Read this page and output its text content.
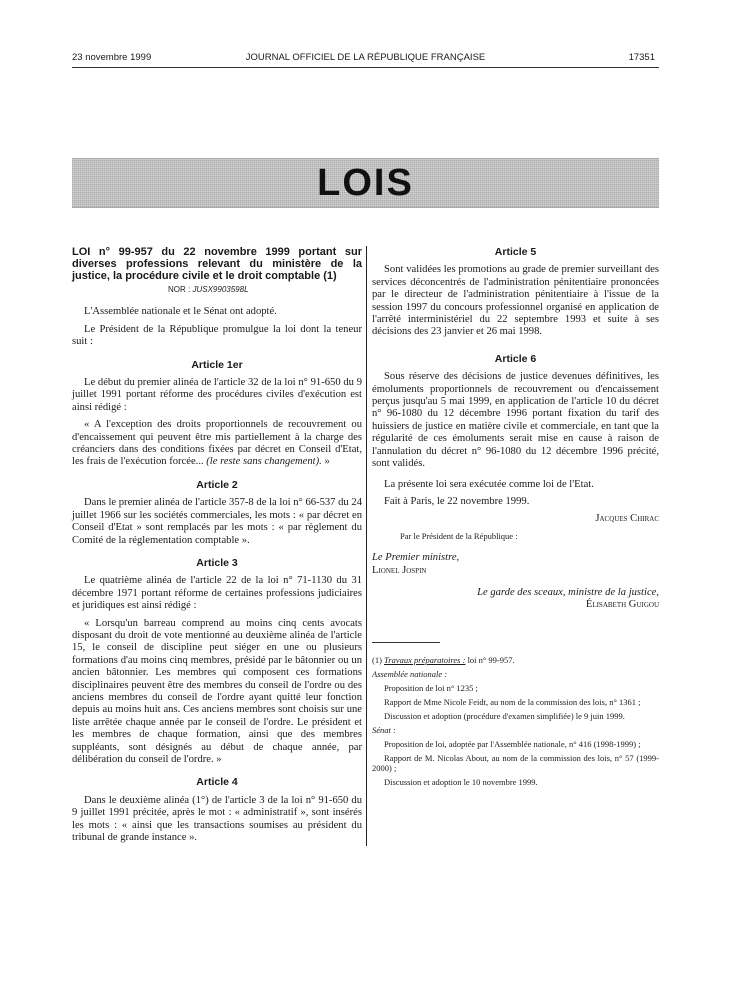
23 novembre 1999	JOURNAL OFFICIEL DE LA RÉPUBLIQUE FRANÇAISE	17351
LOIS
LOI n° 99-957 du 22 novembre 1999 portant sur diverses professions relevant du ministère de la justice, la procédure civile et le droit comptable (1)
NOR : JUSX9903598L

L'Assemblée nationale et le Sénat ont adopté.

Le Président de la République promulgue la loi dont la teneur suit :

Article 1er

Le début du premier alinéa de l'article 32 de la loi n° 91-650 du 9 juillet 1991 portant réforme des procédures civiles d'exécution est ainsi rédigé :

« A l'exception des droits proportionnels de recouvrement ou d'encaissement qui peuvent être mis partiellement à la charge des créanciers dans des conditions fixées par décret en Conseil d'Etat, les frais de l'exécution forcée... (le reste sans changement). »

Article 2

Dans le premier alinéa de l'article 357-8 de la loi n° 66-537 du 24 juillet 1966 sur les sociétés commerciales, les mots : « par décret en Conseil d'Etat » sont remplacés par les mots : « par règlement du Comité de la réglementation comptable ».

Article 3

Le quatrième alinéa de l'article 22 de la loi n° 71-1130 du 31 décembre 1971 portant réforme de certaines professions judiciaires et juridiques est ainsi rédigé :

« Lorsqu'un barreau comprend au moins cinq cents avocats disposant du droit de vote mentionné au deuxième alinéa de l'article 15, le conseil de discipline peut siéger en une ou plusieurs formations d'au moins cinq membres, présidé par le bâtonnier ou un ancien bâtonnier. Les membres qui composent ces formations disciplinaires peuvent être des membres du conseil de l'ordre ou des anciens membres du conseil de l'ordre ayant quitté leur fonction depuis au moins huit ans. Ces anciens membres sont choisis sur une liste arrêtée chaque année par le conseil de l'ordre. Le président et les membres de chaque formation, ainsi que des membres suppléants, sont désignés au début de chaque année, par délibération du conseil de l'ordre. »

Article 4

Dans le deuxième alinéa (1°) de l'article 3 de la loi n° 91-650 du 9 juillet 1991 précitée, après le mot : « administratif », sont insérés les mots : « ainsi que les transactions soumises au président du tribunal de grande instance ».

Article 5

Sont validées les promotions au grade de premier surveillant des services déconcentrés de l'administration pénitentiaire prononcées par le directeur de l'administration pénitentiaire à l'issue de la session 1997 du concours professionnel organisé en application de l'arrêté interministériel du 22 septembre 1993 et suite à ses décisions des 23 janvier et 26 mai 1998.

Article 6

Sous réserve des décisions de justice devenues définitives, les émoluments proportionnels de recouvrement ou d'encaissement perçus jusqu'au 5 mai 1999, en application de l'article 10 du décret n° 96-1080 du 12 décembre 1996 portant fixation du tarif des huissiers de justice en matière civile et commerciale, en tant que la régularité de ces émoluments serait mise en cause à raison de l'annulation du décret n° 96-1080 du 12 décembre 1996 précité, sont validés.

La présente loi sera exécutée comme loi de l'Etat.

Fait à Paris, le 22 novembre 1999.

Jacques Chirac
Par le Président de la République :
Le Premier ministre,
Lionel Jospin
Le garde des sceaux, ministre de la justice,
Élisabeth Guigou

(1) Travaux préparatoires : loi n° 99-957.

Assemblée nationale :

Proposition de loi n° 1235 ;

Rapport de Mme Nicole Feidt, au nom de la commission des lois, n° 1361 ;

Discussion et adoption (procédure d'examen simplifiée) le 9 juin 1999.

Sénat :

Proposition de loi, adoptée par l'Assemblée nationale, n° 416 (1998-1999) ;

Rapport de M. Nicolas About, au nom de la commission des lois, n° 57 (1999-2000) ;

Discussion et adoption le 10 novembre 1999.
